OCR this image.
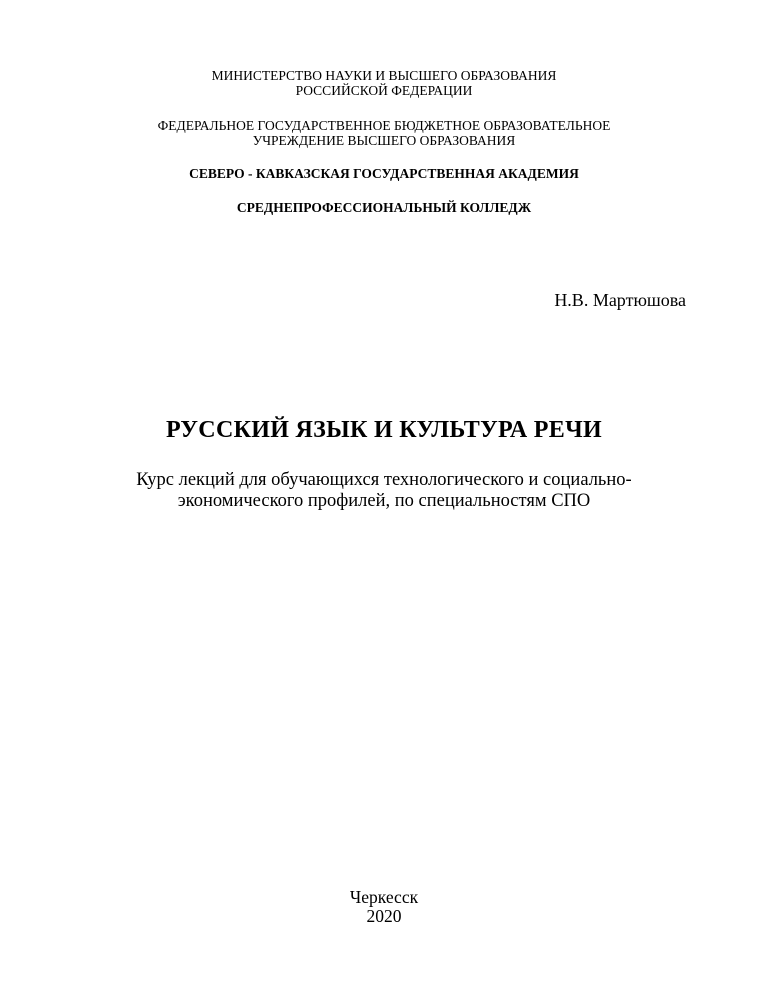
МИНИСТЕРСТВО НАУКИ И ВЫСШЕГО ОБРАЗОВАНИЯ
РОССИЙСКОЙ ФЕДЕРАЦИИ
ФЕДЕРАЛЬНОЕ ГОСУДАРСТВЕННОЕ БЮДЖЕТНОЕ ОБРАЗОВАТЕЛЬНОЕ
УЧРЕЖДЕНИЕ ВЫСШЕГО ОБРАЗОВАНИЯ
СЕВЕРО - КАВКАЗСКАЯ ГОСУДАРСТВЕННАЯ АКАДЕМИЯ
СРЕДНЕПРОФЕССИОНАЛЬНЫЙ КОЛЛЕДЖ
Н.В. Мартюшова
РУССКИЙ ЯЗЫК И КУЛЬТУРА РЕЧИ
Курс лекций для обучающихся технологического и социально-
экономического профилей, по специальностям СПО
Черкесск
2020
